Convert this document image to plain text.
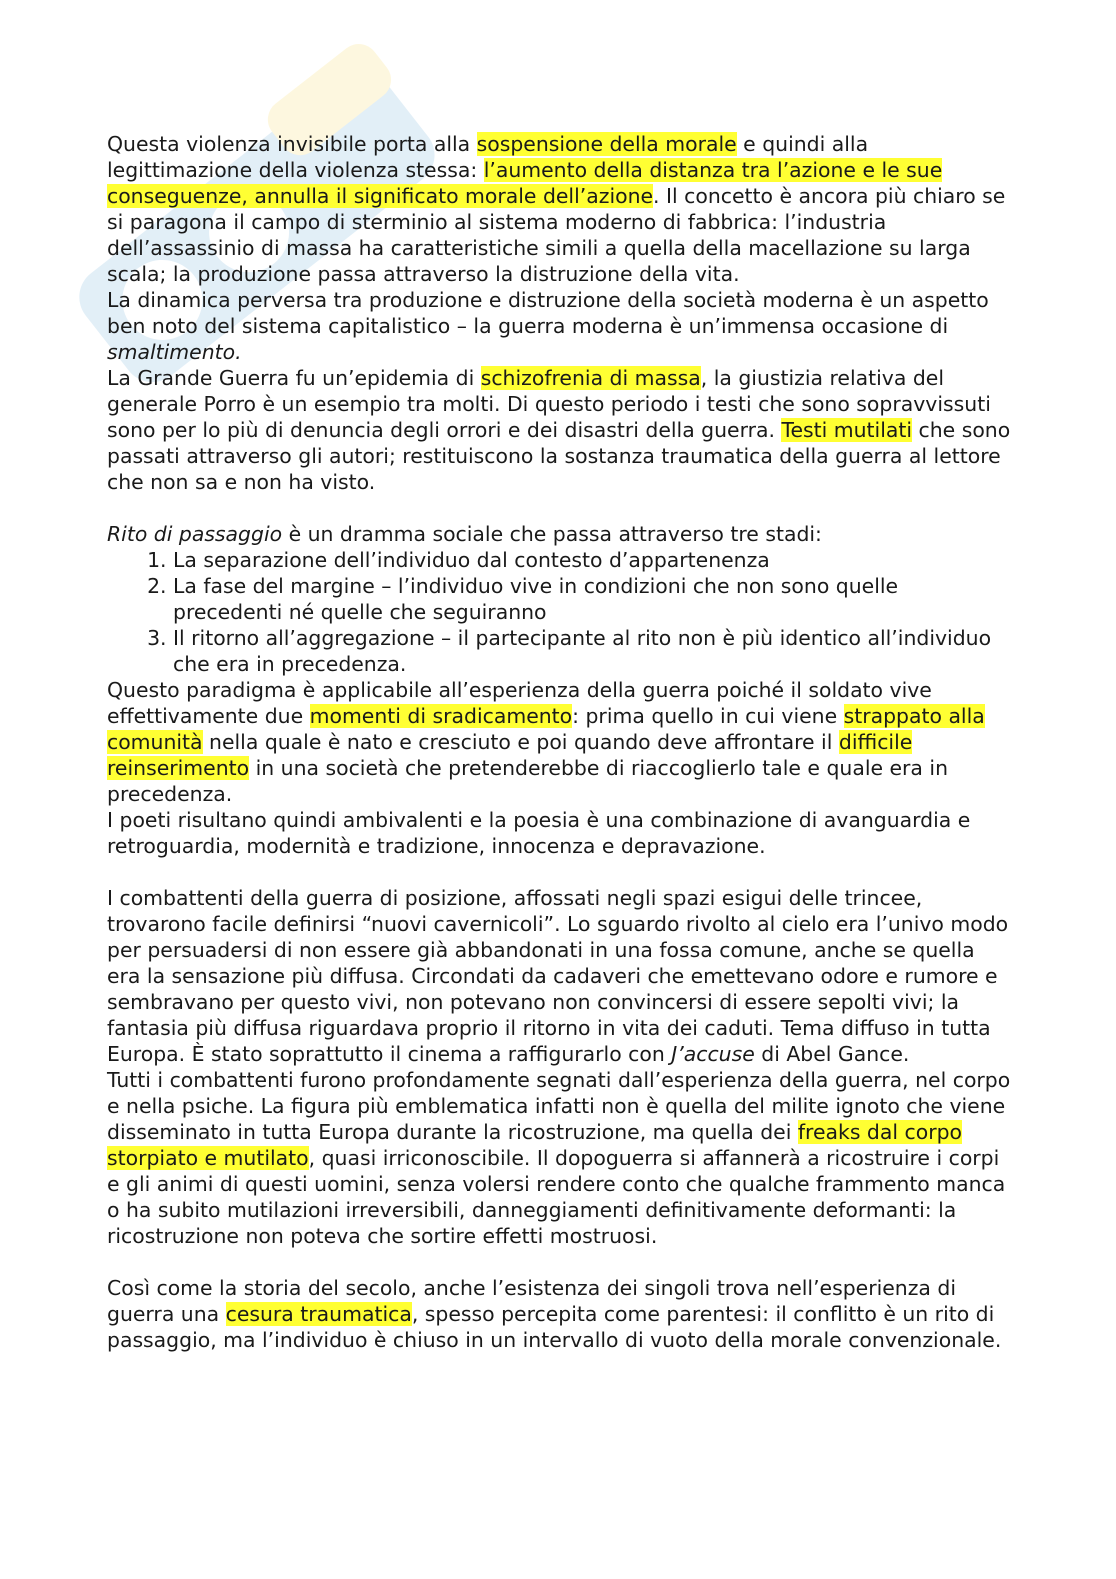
Questa violenza invisibile porta alla sospensione della morale e quindi alla legittimazione della violenza stessa: l’aumento della distanza tra l’azione e le sue conseguenze, annulla il significato morale dell’azione. Il concetto è ancora più chiaro se si paragona il campo di sterminio al sistema moderno di fabbrica: l’industria dell’assassinio di massa ha caratteristiche simili a quella della macellazione su larga scala; la produzione passa attraverso la distruzione della vita.

La dinamica perversa tra produzione e distruzione della società moderna è un aspetto ben noto del sistema capitalistico – la guerra moderna è un’immensa occasione di smaltimento.

La Grande Guerra fu un’epidemia di schizofrenia di massa, la giustizia relativa del generale Porro è un esempio tra molti. Di questo periodo i testi che sono sopravvissuti sono per lo più di denuncia degli orrori e dei disastri della guerra. Testi mutilati che sono passati attraverso gli autori; restituiscono la sostanza traumatica della guerra al lettore che non sa e non ha visto.

Rito di passaggio è un dramma sociale che passa attraverso tre stadi:

1. La separazione dell’individuo dal contesto d’appartenenza
2. La fase del margine – l’individuo vive in condizioni che non sono quelle precedenti né quelle che seguiranno
3. Il ritorno all’aggregazione – il partecipante al rito non è più identico all’individuo che era in precedenza.

Questo paradigma è applicabile all’esperienza della guerra poiché il soldato vive effettivamente due momenti di sradicamento: prima quello in cui viene strappato alla comunità nella quale è nato e cresciuto e poi quando deve affrontare il difficile reinserimento in una società che pretenderebbe di riaccoglierlo tale e quale era in precedenza.

I poeti risultano quindi ambivalenti e la poesia è una combinazione di avanguardia e retroguardia, modernità e tradizione, innocenza e depravazione.

I combattenti della guerra di posizione, affossati negli spazi esigui delle trincee, trovarono facile definirsi “nuovi cavernicoli”. Lo sguardo rivolto al cielo era l’univo modo per persuadersi di non essere già abbandonati in una fossa comune, anche se quella era la sensazione più diffusa. Circondati da cadaveri che emettevano odore e rumore e sembravano per questo vivi, non potevano non convincersi di essere sepolti vivi; la fantasia più diffusa riguardava proprio il ritorno in vita dei caduti. Tema diffuso in tutta Europa. È stato soprattutto il cinema a raffigurarlo con J’accuse di Abel Gance.

Tutti i combattenti furono profondamente segnati dall’esperienza della guerra, nel corpo e nella psiche. La figura più emblematica infatti non è quella del milite ignoto che viene disseminato in tutta Europa durante la ricostruzione, ma quella dei freaks dal corpo storpiato e mutilato, quasi irriconoscibile. Il dopoguerra si affannerà a ricostruire i corpi e gli animi di questi uomini, senza volersi rendere conto che qualche frammento manca o ha subito mutilazioni irreversibili, danneggiamenti definitivamente deformanti: la ricostruzione non poteva che sortire effetti mostruosi.

Così come la storia del secolo, anche l’esistenza dei singoli trova nell’esperienza di guerra una cesura traumatica, spesso percepita come parentesi: il conflitto è un rito di passaggio, ma l’individuo è chiuso in un intervallo di vuoto della morale convenzionale.
